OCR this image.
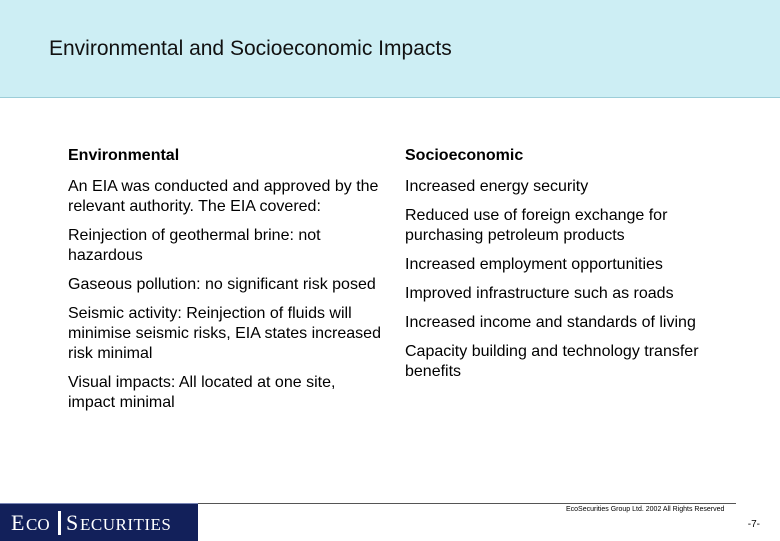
Environmental and Socioeconomic Impacts
Environmental
An EIA was conducted and approved by the relevant authority. The EIA covered:
Reinjection of geothermal brine: not hazardous
Gaseous pollution: no significant risk posed
Seismic activity: Reinjection of fluids will minimise seismic risks, EIA states increased risk minimal
Visual impacts: All located at one site, impact minimal
Socioeconomic
Increased energy security
Reduced use of foreign exchange for purchasing petroleum products
Increased employment opportunities
Improved infrastructure such as roads
Increased income and standards of living
Capacity building and technology transfer benefits
E CO S ECURITIES
EcoSecurities Group Ltd. 2002 All Rights Reserved
-7-
